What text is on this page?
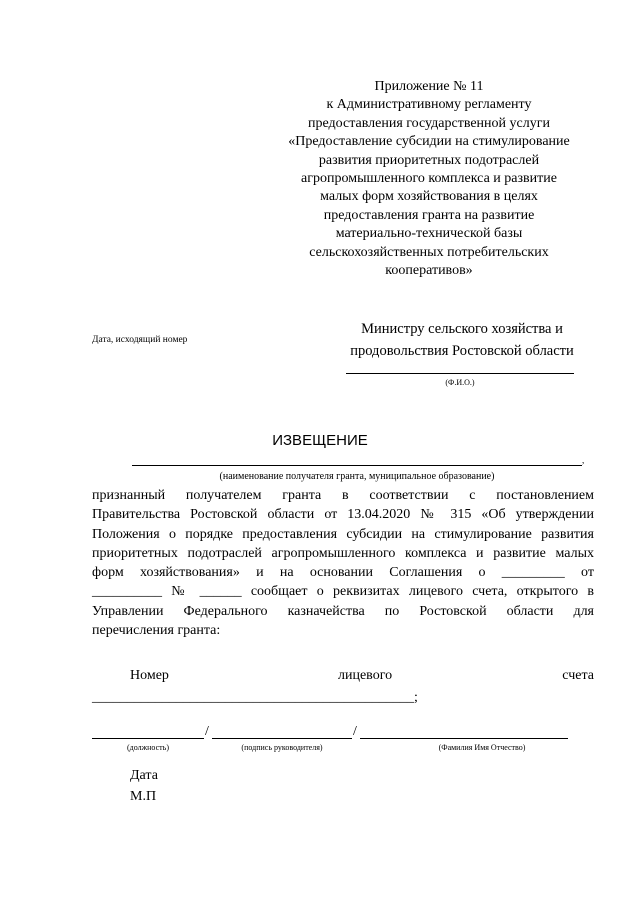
Приложение № 11
к Административному регламенту
предоставления государственной услуги
«Предоставление субсидии на стимулирование
развития приоритетных подотраслей
агропромышленного комплекса и развитие
малых форм хозяйствования в целях
предоставления гранта на развитие
материально-технической базы
сельскохозяйственных потребительских
кооперативов»
Дата, исходящий номер
Министру сельского хозяйства и
продовольствия Ростовской области
(Ф.И.О.)
ИЗВЕЩЕНИЕ
,
(наименование получателя гранта, муниципальное образование)
признанный получателем гранта в соответствии с постановлением
Правительства Ростовской области от 13.04.2020 № 315 «Об утверждении
Положения о порядке предоставления субсидии на стимулирование развития
приоритетных подотраслей агропромышленного комплекса и развитие малых
форм хозяйствования» и на основании Соглашения о _________ от
__________ № ______ сообщает о реквизитах лицевого счета, открытого в
Управлении Федерального казначейства по Ростовской области для
перечисления гранта:
Номер	лицевого	счета
______________________________________________;
/	/
(должность)	(подпись руководителя)	(Фамилия Имя Отчество)
Дата
М.П
